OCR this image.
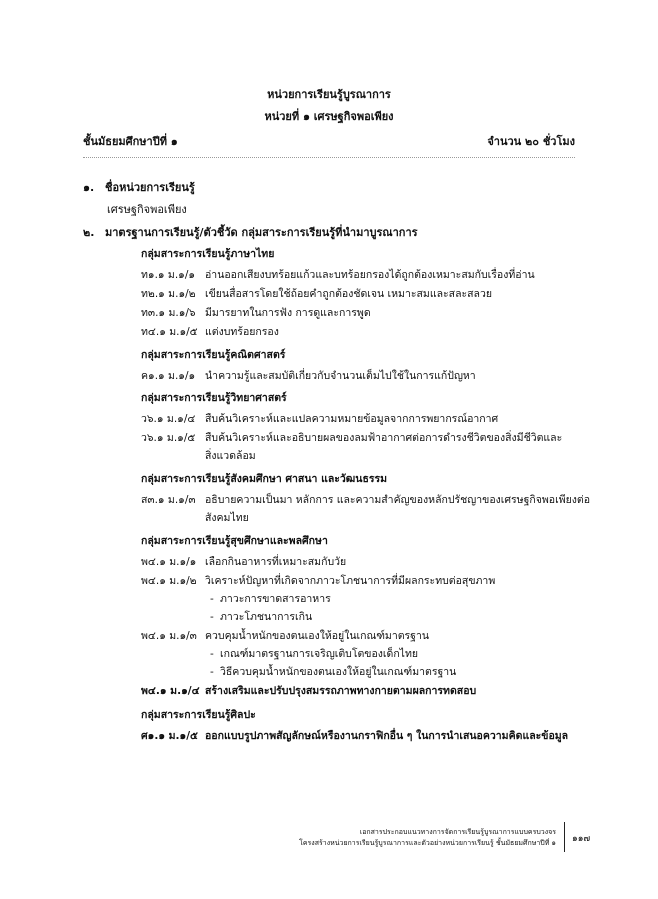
หน่วยการเรียนรู้บูรณาการ
หน่วยที่ ๑ เศรษฐกิจพอเพียง
ชั้นมัธยมศึกษาปีที่ ๑	จำนวน ๒๐ ชั่วโมง
๑. ชื่อหน่วยการเรียนรู้
เศรษฐกิจพอเพียง
๒. มาตรฐานการเรียนรู้/ตัวชี้วัด กลุ่มสาระการเรียนรู้ที่นำมาบูรณาการ
กลุ่มสาระการเรียนรู้ภาษาไทย
ท๑.๑ ม.๑/๑ อ่านออกเสียงบทร้อยแก้วและบทร้อยกรองได้ถูกต้องเหมาะสมกับเรื่องที่อ่าน
ท๒.๑ ม.๑/๒ เขียนสื่อสารโดยใช้ถ้อยคำถูกต้องชัดเจน เหมาะสมและสละสลวย
ท๓.๑ ม.๑/๖ มีมารยาทในการฟัง การดูและการพูด
ท๔.๑ ม.๑/๕ แต่งบทร้อยกรอง
กลุ่มสาระการเรียนรู้คณิตศาสตร์
ค๑.๑ ม.๑/๑ นำความรู้และสมบัติเกี่ยวกับจำนวนเต็มไปใช้ในการแก้ปัญหา
กลุ่มสาระการเรียนรู้วิทยาศาสตร์
ว๖.๑ ม.๑/๔ สืบค้นวิเคราะห์และแปลความหมายข้อมูลจากการพยากรณ์อากาศ
ว๖.๑ ม.๑/๕ สืบค้นวิเคราะห์และอธิบายผลของลมฟ้าอากาศต่อการดำรงชีวิตของสิ่งมีชีวิตและ
สิ่งแวดล้อม
กลุ่มสาระการเรียนรู้สังคมศึกษา ศาสนา และวัฒนธรรม
ส๓.๑ ม.๑/๓ อธิบายความเป็นมา หลักการ และความสำคัญของหลักปรัชญาของเศรษฐกิจพอเพียงต่อ
สังคมไทย
กลุ่มสาระการเรียนรู้สุขศึกษาและพลศึกษา
พ๔.๑ ม.๑/๑ เลือกกินอาหารที่เหมาะสมกับวัย
พ๔.๑ ม.๑/๒ วิเคราะห์ปัญหาที่เกิดจากภาวะโภชนาการที่มีผลกระทบต่อสุขภาพ
- ภาวะการขาดสารอาหาร
- ภาวะโภชนาการเกิน
พ๔.๑ ม.๑/๓ ควบคุมน้ำหนักของตนเองให้อยู่ในเกณฑ์มาตรฐาน
- เกณฑ์มาตรฐานการเจริญเติบโตของเด็กไทย
- วิธีควบคุมน้ำหนักของตนเองให้อยู่ในเกณฑ์มาตรฐาน
พ๔.๑ ม.๑/๔ สร้างเสริมและปรับปรุงสมรรถภาพทางกายตามผลการทดสอบ
กลุ่มสาระการเรียนรู้ศิลปะ
ศ๑.๑ ม.๑/๕ ออกแบบรูปภาพสัญลักษณ์หรืองานกราฟิกอื่น ๆ ในการนำเสนอความคิดและข้อมูล
เอกสารประกอบแนวทางการจัดการเรียนรู้บูรณาการแบบครบวงจร
โครงสร้างหน่วยการเรียนรู้บูรณาการและตัวอย่างหน่วยการเรียนรู้ ชั้นมัธยมศึกษาปีที่ ๑ ๑๑๗
